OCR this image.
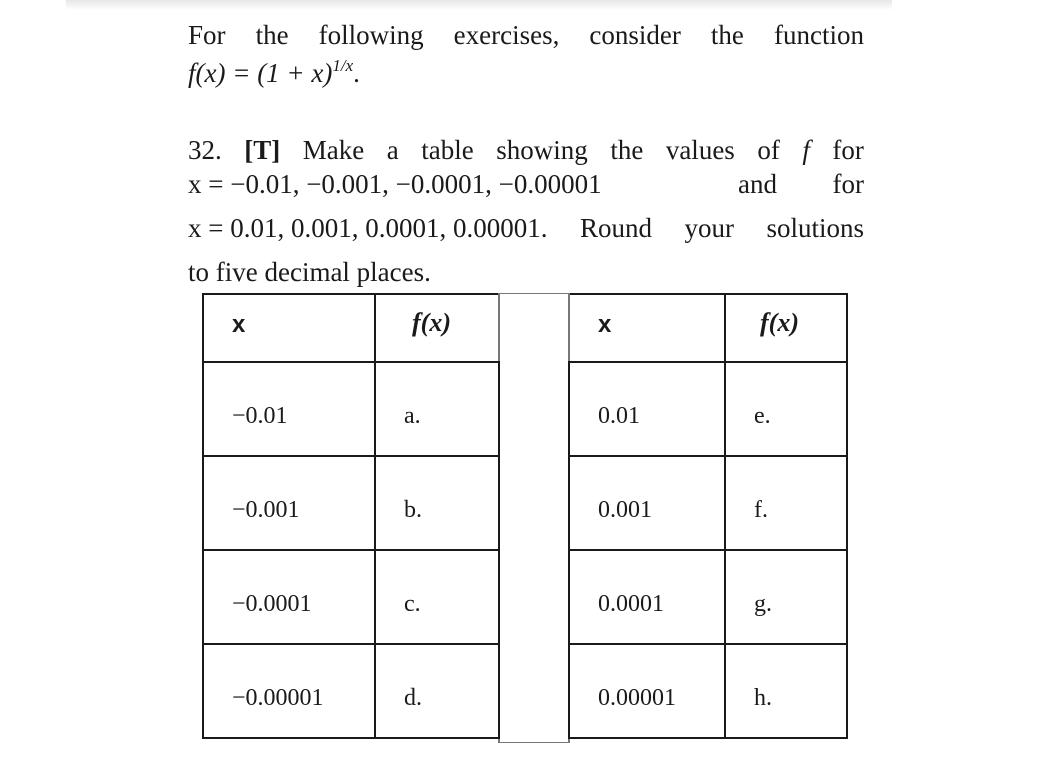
For the following exercises, consider the function
$f(x) = (1 + x)^{1/x}$.
32. [T] Make a table showing the values of f for
x = −0.01, −0.001, −0.0001, −0.00001	and for
x = 0.01, 0.001, 0.0001, 0.00001. Round your solutions
to five decimal places.
x	f(x)	x	f(x)
−0.01	a.	0.01	e.
−0.001	b.	0.001	f.
−0.0001	c.	0.0001	g.
−0.00001	d.	0.00001	h.
